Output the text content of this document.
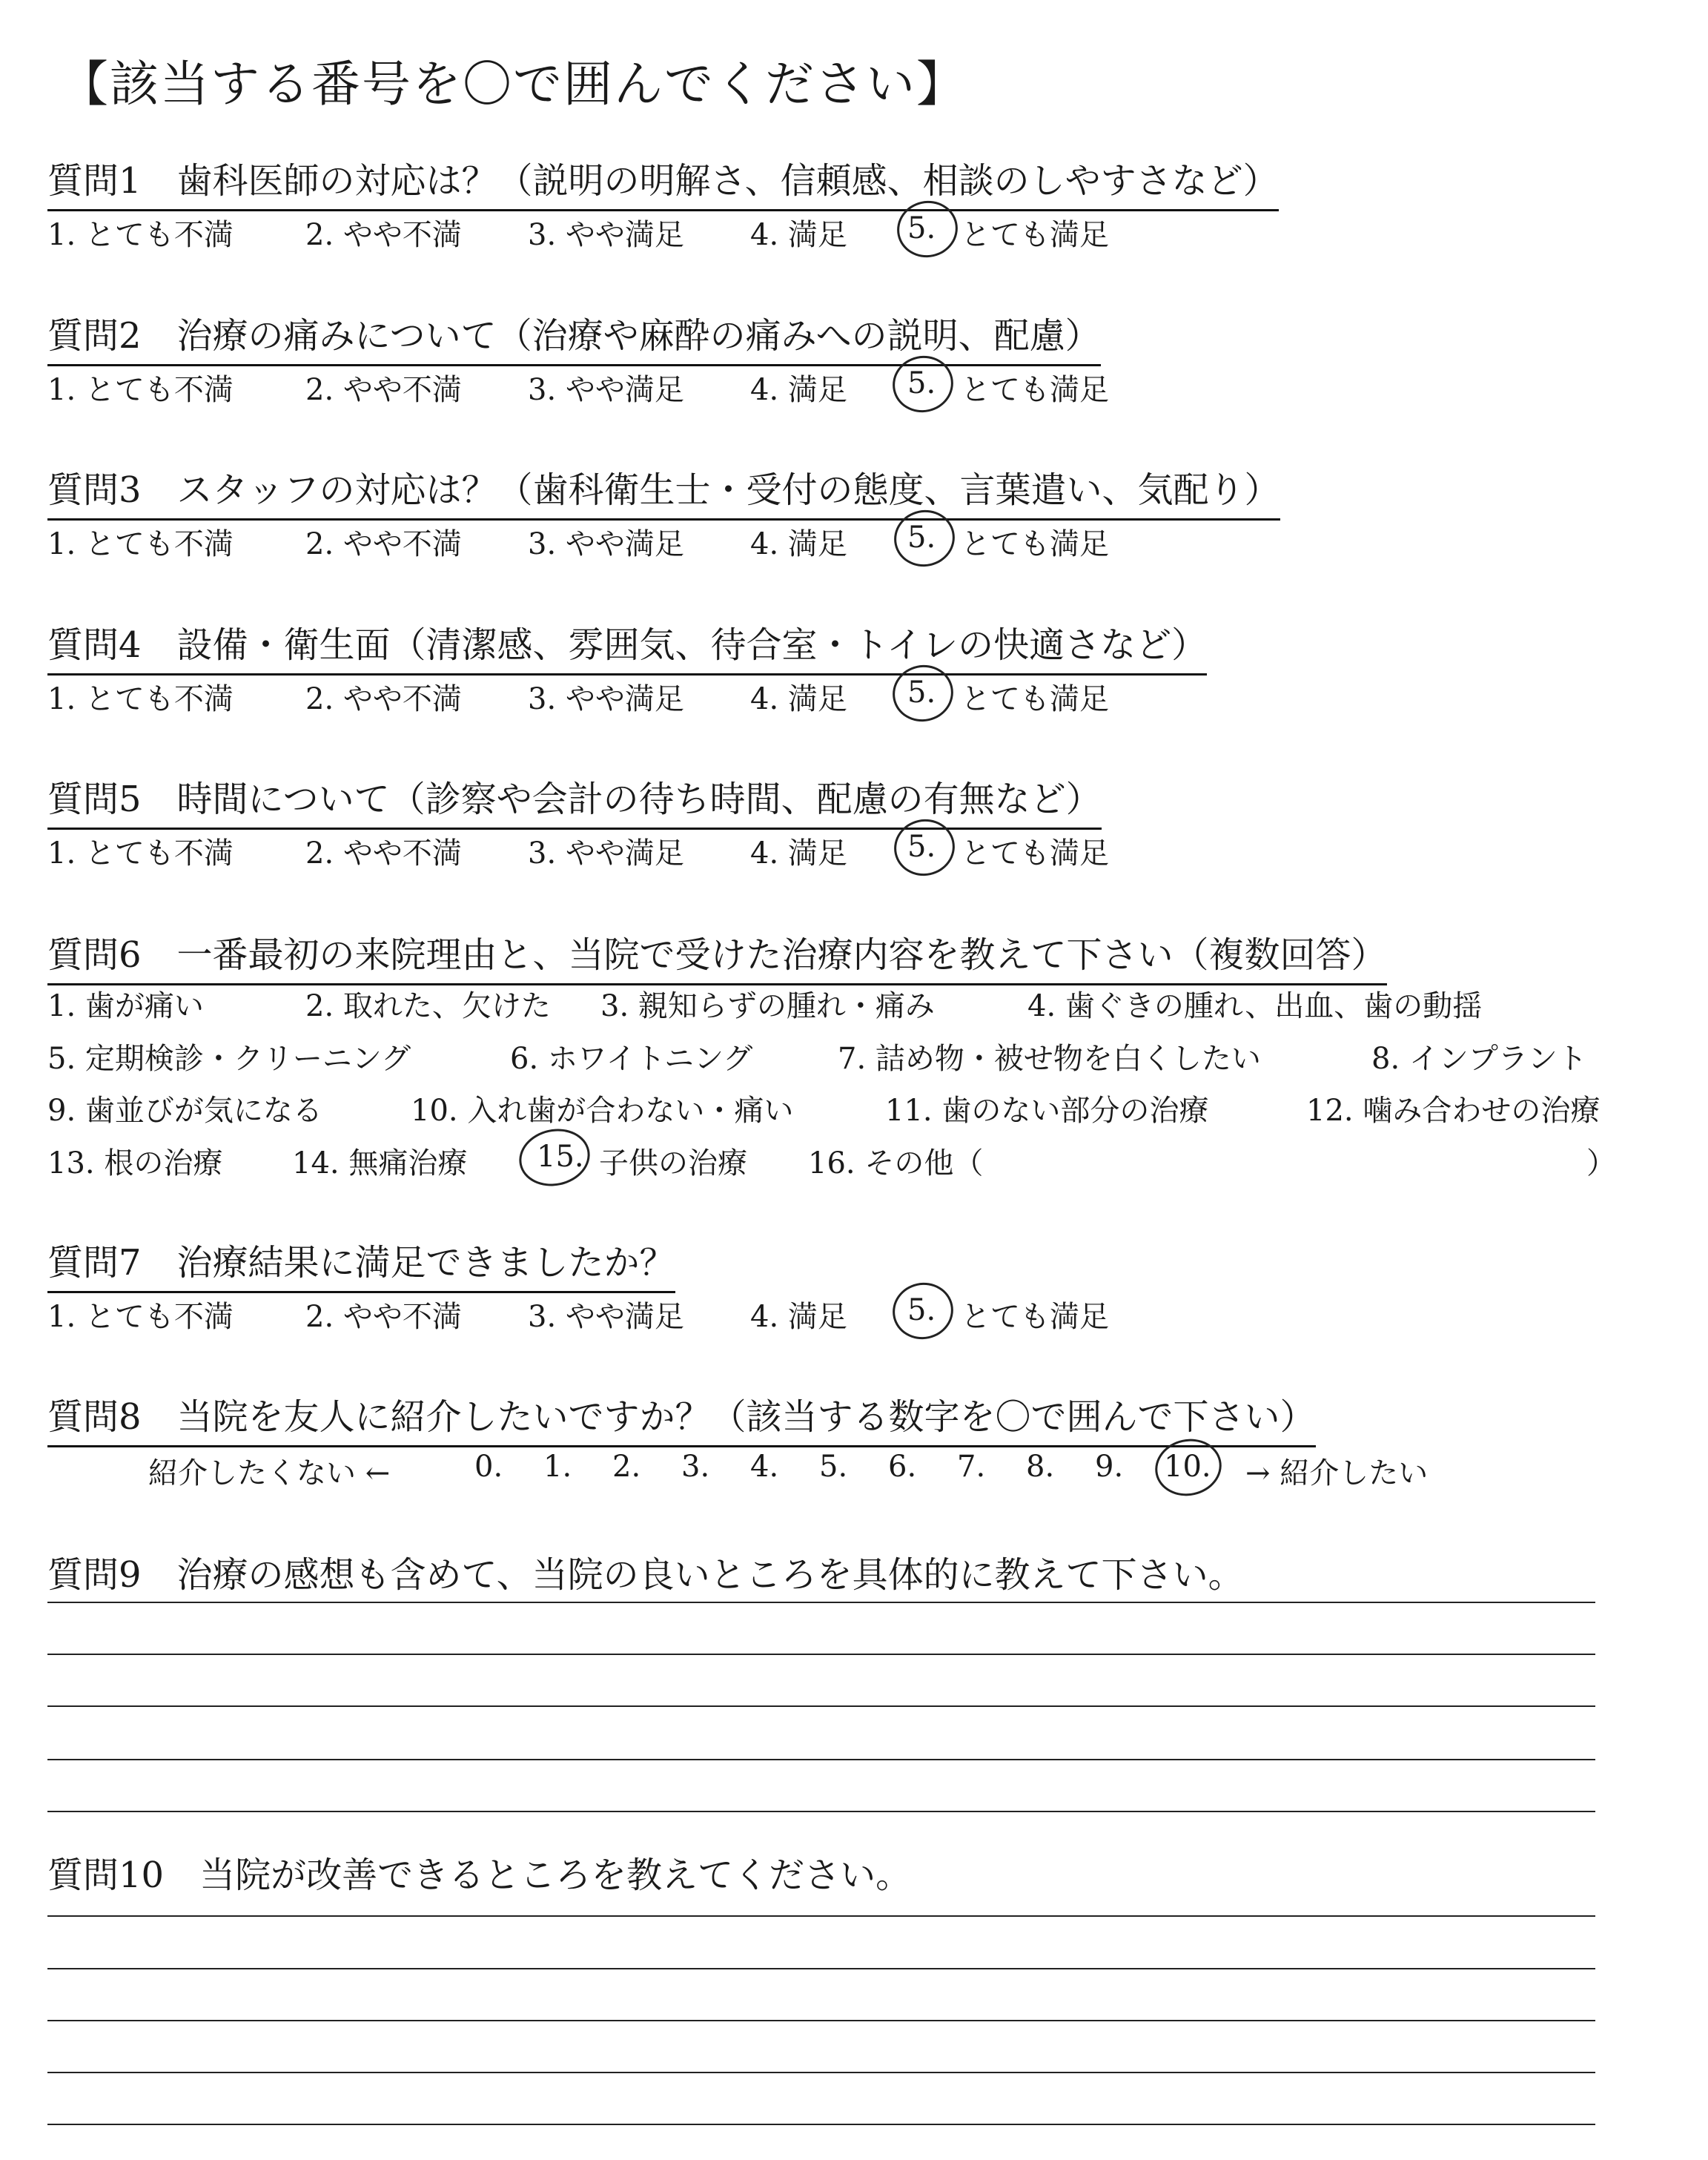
【該当する番号を〇で囲んでください】
質問1　歯科医師の対応は？（説明の明解さ、信頼感、相談のしやすさなど）
1. とても不満 2. やや不満 3. やや満足 4. 満足 5. とても満足
質問2　治療の痛みについて（治療や麻酔の痛みへの説明、配慮）
1. とても不満 2. やや不満 3. やや満足 4. 満足 5. とても満足
質問3　スタッフの対応は？（歯科衛生士・受付の態度、言葉遣い、気配り）
1. とても不満 2. やや不満 3. やや満足 4. 満足 5. とても満足
質問4　設備・衛生面（清潔感、雰囲気、待合室・トイレの快適さなど）
1. とても不満 2. やや不満 3. やや満足 4. 満足 5. とても満足
質問5　時間について（診察や会計の待ち時間、配慮の有無など）
1. とても不満 2. やや不満 3. やや満足 4. 満足 5. とても満足
質問6　一番最初の来院理由と、当院で受けた治療内容を教えて下さい（複数回答）
1. 歯が痛い	2. 取れた、欠けた 3. 親知らずの腫れ・痛み	4. 歯ぐきの腫れ、出血、歯の動揺
5. 定期検診・クリーニング	6. ホワイトニング	7. 詰め物・被せ物を白くしたい	8. インプラント
9. 歯並びが気になる	10. 入れ歯が合わない・痛い	11. 歯のない部分の治療	12. 噛み合わせの治療
13. 根の治療 14. 無痛治療 15. 子供の治療 16. その他（	）
質問7　治療結果に満足できましたか？
1. とても不満 2. やや不満 3. やや満足 4. 満足 5. とても満足
質問8　当院を友人に紹介したいですか？（該当する数字を〇で囲んで下さい）
紹介したくない ←	0. 1. 2. 3. 4. 5. 6. 7. 8. 9. 10. → 紹介したい
質問9　治療の感想も含めて、当院の良いところを具体的に教えて下さい。
質問10　当院が改善できるところを教えてください。
